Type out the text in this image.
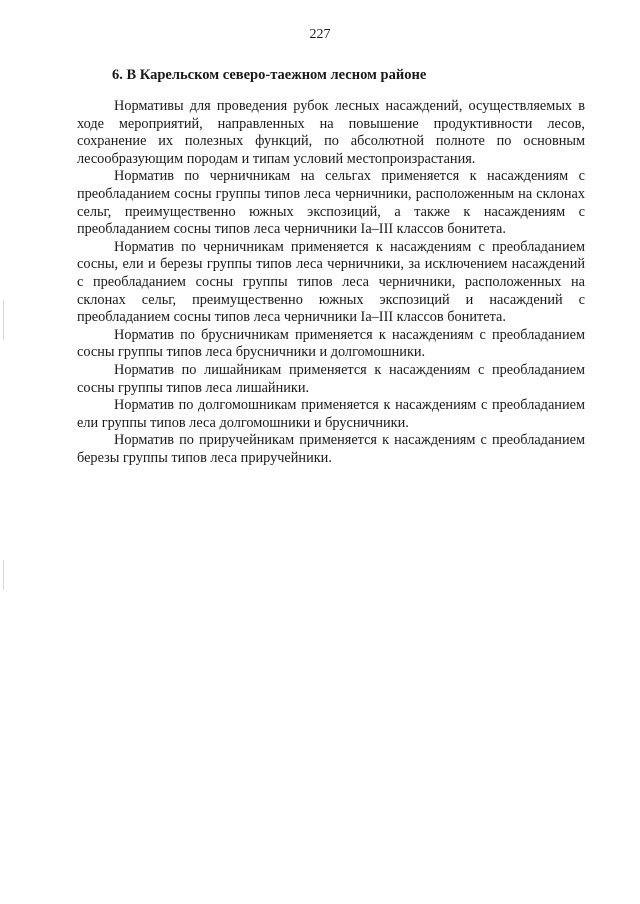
227
6. В Карельском северо-таежном лесном районе

Нормативы для проведения рубок лесных насаждений, осуществляемых в ходе мероприятий, направленных на повышение продуктивности лесов, сохранение их полезных функций, по абсолютной полноте по основным лесообразующим породам и типам условий местопроизрастания.

Норматив по черничникам на сельгах применяется к насаждениям с преобладанием сосны группы типов леса черничники, расположенным на склонах сельг, преимущественно южных экспозиций, а также к насаждениям с преобладанием сосны типов леса черничники Ia–III классов бонитета.

Норматив по черничникам применяется к насаждениям с преобладанием сосны, ели и березы группы типов леса черничники, за исключением насаждений с преобладанием сосны группы типов леса черничники, расположенных на склонах сельг, преимущественно южных экспозиций и насаждений с преобладанием сосны типов леса черничники Ia–III классов бонитета.

Норматив по брусничникам применяется к насаждениям с преобладанием сосны группы типов леса брусничники и долгомошники.

Норматив по лишайникам применяется к насаждениям с преобладанием сосны группы типов леса лишайники.

Норматив по долгомошникам применяется к насаждениям с преобладанием ели группы типов леса долгомошники и брусничники.

Норматив по приручейникам применяется к насаждениям с преобладанием березы группы типов леса приручейники.
